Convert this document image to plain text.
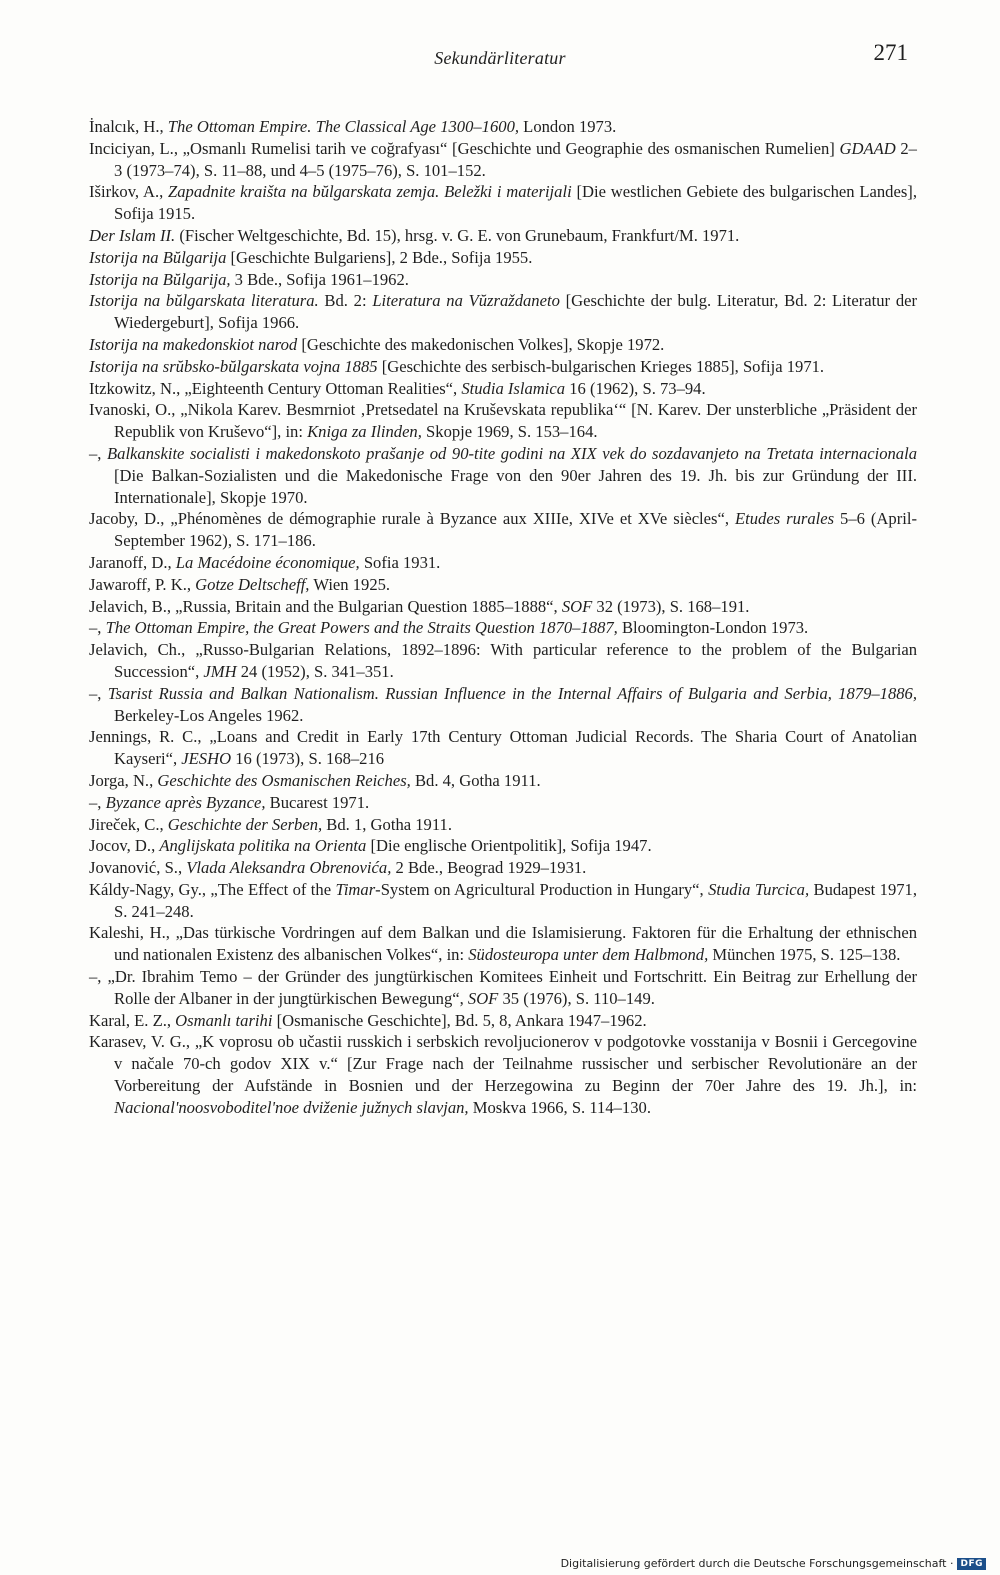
Sekundärliteratur	271

İnalcık, H., The Ottoman Empire. The Classical Age 1300–1600, London 1973.

Inciciyan, L., „Osmanlı Rumelisi tarih ve coğrafyası“ [Geschichte und Geographie des osmanischen Rumelien] GDAAD 2–3 (1973–74), S. 11–88, und 4–5 (1975–76), S. 101–152.

Iširkov, A., Zapadnite kraišta na bŭlgarskata zemja. Beležki i materijali [Die westlichen Gebiete des bulgarischen Landes], Sofija 1915.

Der Islam II. (Fischer Weltgeschichte, Bd. 15), hrsg. v. G. E. von Grunebaum, Frankfurt/M. 1971.

Istorija na Bŭlgarija [Geschichte Bulgariens], 2 Bde., Sofija 1955.

Istorija na Bŭlgarija, 3 Bde., Sofija 1961–1962.

Istorija na bŭlgarskata literatura. Bd. 2: Literatura na Vŭzraždaneto [Geschichte der bulg. Literatur, Bd. 2: Literatur der Wiedergeburt], Sofija 1966.

Istorija na makedonskiot narod [Geschichte des makedonischen Volkes], Skopje 1972.

Istorija na srŭbsko-bŭlgarskata vojna 1885 [Geschichte des serbisch-bulgarischen Krieges 1885], Sofija 1971.

Itzkowitz, N., „Eighteenth Century Ottoman Realities“, Studia Islamica 16 (1962), S. 73–94.

Ivanoski, O., „Nikola Karev. Besmrniot ‚Pretsedatel na Kruševskata republika‘“ [N. Karev. Der unsterbliche „Präsident der Republik von Kruševo“], in: Kniga za Ilinden, Skopje 1969, S. 153–164.

–, Balkanskite socialisti i makedonskoto prašanje od 90-tite godini na XIX vek do sozdavanjeto na Tretata internacionala [Die Balkan-Sozialisten und die Makedonische Frage von den 90er Jahren des 19. Jh. bis zur Gründung der III. Internationale], Skopje 1970.

Jacoby, D., „Phénomènes de démographie rurale à Byzance aux XIIIe, XIVe et XVe siècles“, Etudes rurales 5–6 (April-September 1962), S. 171–186.

Jaranoff, D., La Macédoine économique, Sofia 1931.

Jawaroff, P. K., Gotze Deltscheff, Wien 1925.

Jelavich, B., „Russia, Britain and the Bulgarian Question 1885–1888“, SOF 32 (1973), S. 168–191.

–, The Ottoman Empire, the Great Powers and the Straits Question 1870–1887, Bloomington-London 1973.

Jelavich, Ch., „Russo-Bulgarian Relations, 1892–1896: With particular reference to the problem of the Bulgarian Succession“, JMH 24 (1952), S. 341–351.

–, Tsarist Russia and Balkan Nationalism. Russian Influence in the Internal Affairs of Bulgaria and Serbia, 1879–1886, Berkeley-Los Angeles 1962.

Jennings, R. C., „Loans and Credit in Early 17th Century Ottoman Judicial Records. The Sharia Court of Anatolian Kayseri“, JESHO 16 (1973), S. 168–216

Jorga, N., Geschichte des Osmanischen Reiches, Bd. 4, Gotha 1911.

–, Byzance après Byzance, Bucarest 1971.

Jireček, C., Geschichte der Serben, Bd. 1, Gotha 1911.

Jocov, D., Anglijskata politika na Orienta [Die englische Orientpolitik], Sofija 1947.

Jovanović, S., Vlada Aleksandra Obrenovića, 2 Bde., Beograd 1929–1931.

Káldy-Nagy, Gy., „The Effect of the Timar-System on Agricultural Production in Hungary“, Studia Turcica, Budapest 1971, S. 241–248.

Kaleshi, H., „Das türkische Vordringen auf dem Balkan und die Islamisierung. Faktoren für die Erhaltung der ethnischen und nationalen Existenz des albanischen Volkes“, in: Südosteuropa unter dem Halbmond, München 1975, S. 125–138.

–, „Dr. Ibrahim Temo – der Gründer des jungtürkischen Komitees Einheit und Fortschritt. Ein Beitrag zur Erhellung der Rolle der Albaner in der jungtürkischen Bewegung“, SOF 35 (1976), S. 110–149.

Karal, E. Z., Osmanlı tarihi [Osmanische Geschichte], Bd. 5, 8, Ankara 1947–1962.

Karasev, V. G., „K voprosu ob učastii russkich i serbskich revoljucionerov v podgotovke vosstanija v Bosnii i Gercegovine v načale 70-ch godov XIX v.“ [Zur Frage nach der Teilnahme russischer und serbischer Revolutionäre an der Vorbereitung der Aufstände in Bosnien und der Herzegowina zu Beginn der 70er Jahre des 19. Jh.], in: Nacional'noosvoboditel'noe dviženie južnych slavjan, Moskva 1966, S. 114–130.

Digitalisierung gefördert durch die Deutsche Forschungsgemeinschaft · DFG
